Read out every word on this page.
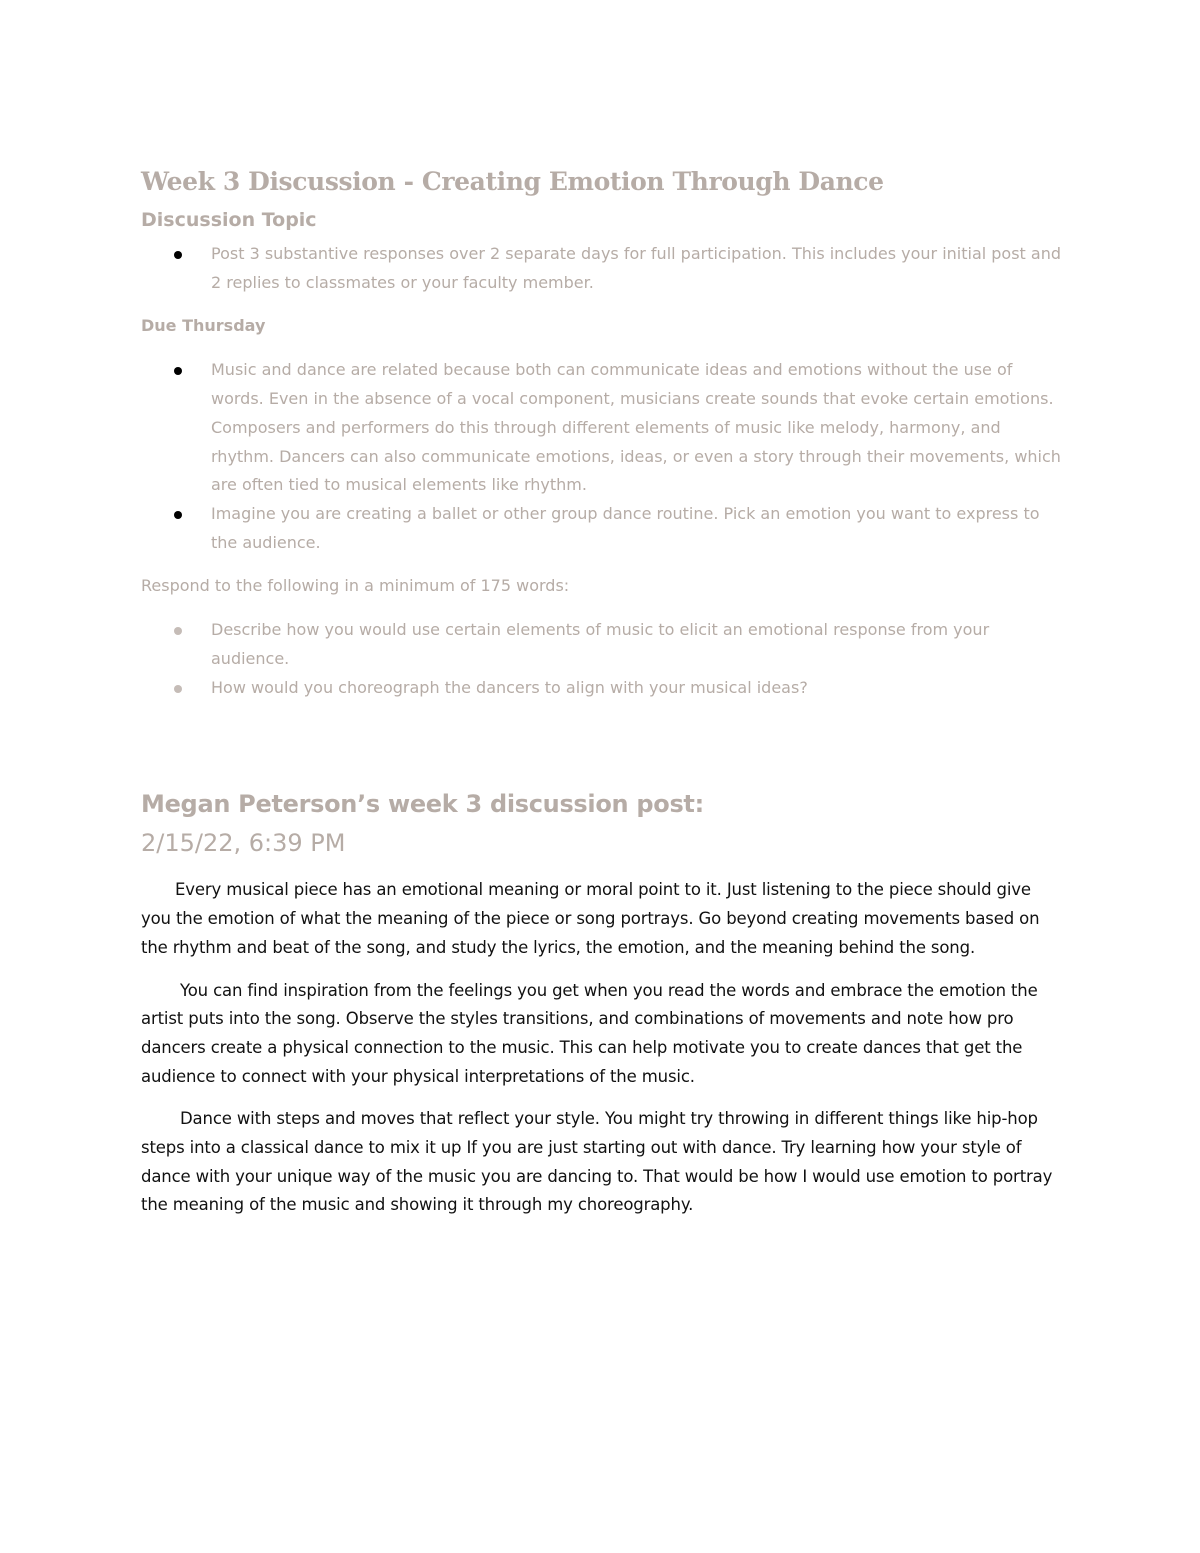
Week 3 Discussion - Creating Emotion Through Dance
Discussion Topic
Post 3 substantive responses over 2 separate days for full participation. This includes your initial post and 2 replies to classmates or your faculty member.

Due Thursday

Music and dance are related because both can communicate ideas and emotions without the use of words. Even in the absence of a vocal component, musicians create sounds that evoke certain emotions. Composers and performers do this through different elements of music like melody, harmony, and rhythm. Dancers can also communicate emotions, ideas, or even a story through their movements, which are often tied to musical elements like rhythm.
Imagine you are creating a ballet or other group dance routine. Pick an emotion you want to express to the audience.

Respond to the following in a minimum of 175 words:

Describe how you would use certain elements of music to elicit an emotional response from your audience.
How would you choreograph the dancers to align with your musical ideas?
Megan Peterson’s week 3 discussion post:

2/15/22, 6:39 PM

Every musical piece has an emotional meaning or moral point to it. Just listening to the piece should give you the emotion of what the meaning of the piece or song portrays. Go beyond creating movements based on the rhythm and beat of the song, and study the lyrics, the emotion, and the meaning behind the song.

You can find inspiration from the feelings you get when you read the words and embrace the emotion the artist puts into the song. Observe the styles transitions, and combinations of movements and note how pro dancers create a physical connection to the music. This can help motivate you to create dances that get the audience to connect with your physical interpretations of the music.

Dance with steps and moves that reflect your style. You might try throwing in different things like hip-hop steps into a classical dance to mix it up If you are just starting out with dance. Try learning how your style of dance with your unique way of the music you are dancing to. That would be how I would use emotion to portray the meaning of the music and showing it through my choreography.
